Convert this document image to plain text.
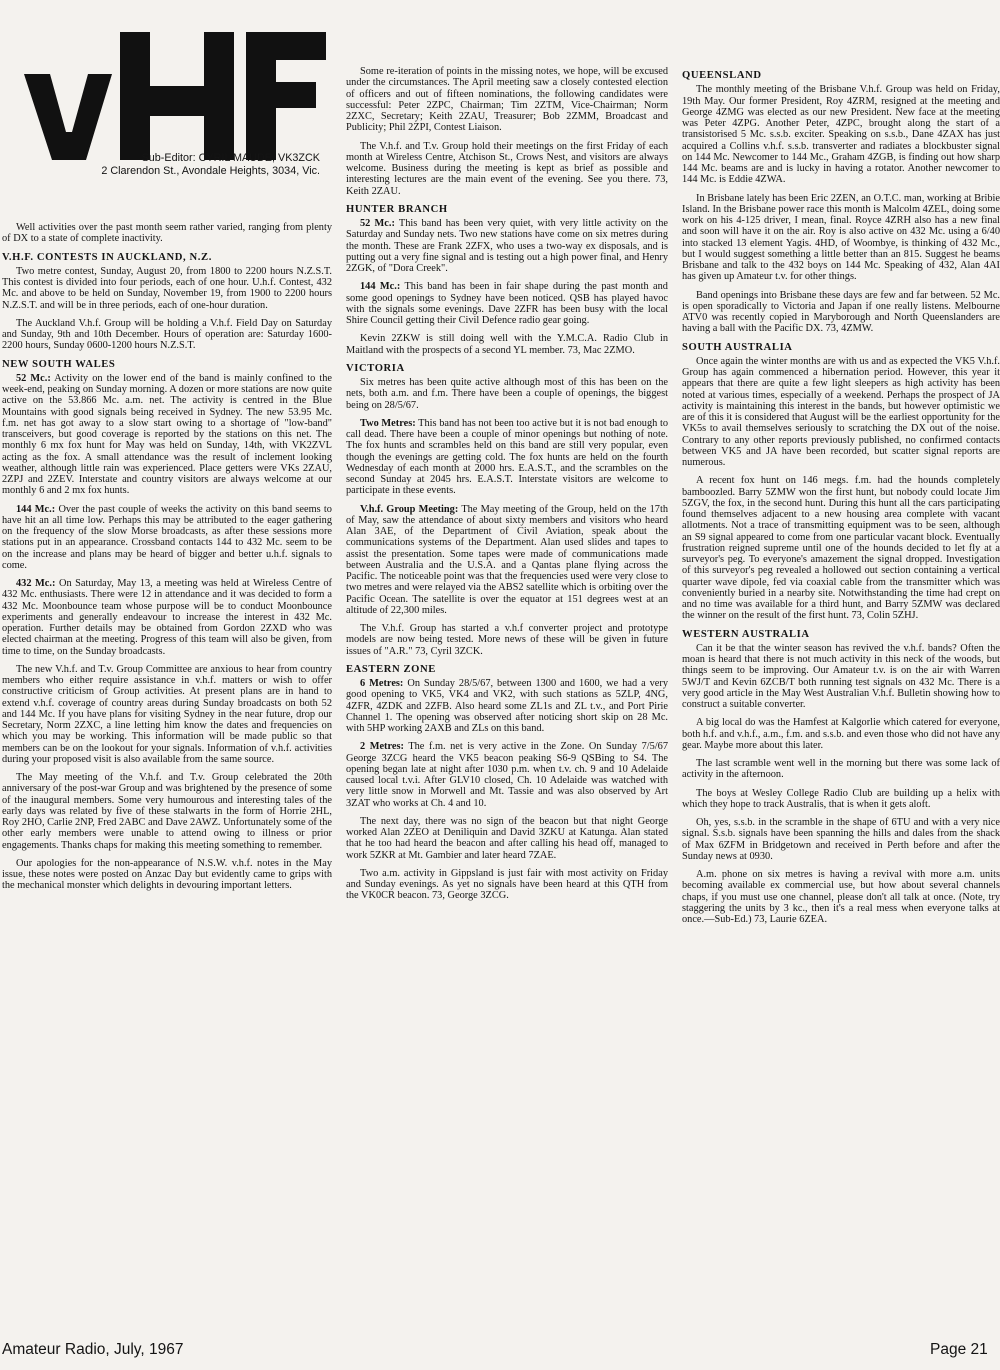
Sub-Editor: CYRIL MAUDE, VK3ZCK
2 Clarendon St., Avondale Heights, 3034, Vic.

Well activities over the past month seem rather varied, ranging from plenty of DX to a state of complete inactivity.

V.H.F. CONTESTS IN AUCKLAND, N.Z.

Two metre contest, Sunday, August 20, from 1800 to 2200 hours N.Z.S.T. This contest is divided into four periods, each of one hour. U.h.f. Contest, 432 Mc. and above to be held on Sunday, November 19, from 1900 to 2200 hours N.Z.S.T. and will be in three periods, each of one-hour duration.

The Auckland V.h.f. Group will be holding a V.h.f. Field Day on Saturday and Sunday, 9th and 10th December. Hours of operation are: Saturday 1600-2200 hours, Sunday 0600-1200 hours N.Z.S.T.

NEW SOUTH WALES

52 Mc.: Activity on the lower end of the band is mainly confined to the week-end, peaking on Sunday morning. A dozen or more stations are now quite active on the 53.866 Mc. a.m. net. The activity is centred in the Blue Mountains with good signals being received in Sydney. The new 53.95 Mc. f.m. net has got away to a slow start owing to a shortage of "low-band" transceivers, but good coverage is reported by the stations on this net. The monthly 6 mx fox hunt for May was held on Sunday, 14th, with VK2ZVL acting as the fox. A small attendance was the result of inclement looking weather, although little rain was experienced. Place getters were VKs 2ZAU, 2ZPJ and 2ZEV. Interstate and country visitors are always welcome at our monthly 6 and 2 mx fox hunts.

144 Mc.: Over the past couple of weeks the activity on this band seems to have hit an all time low. Perhaps this may be attributed to the eager gathering on the frequency of the slow Morse broadcasts, as after these sessions more stations put in an appearance. Crossband contacts 144 to 432 Mc. seem to be on the increase and plans may be heard of bigger and better u.h.f. signals to come.

432 Mc.: On Saturday, May 13, a meeting was held at Wireless Centre of 432 Mc. enthusiasts. There were 12 in attendance and it was decided to form a 432 Mc. Moonbounce team whose purpose will be to conduct Moonbounce experiments and generally endeavour to increase the interest in 432 Mc. operation. Further details may be obtained from Gordon 2ZXD who was elected chairman at the meeting. Progress of this team will also be given, from time to time, on the Sunday broadcasts.

The new V.h.f. and T.v. Group Committee are anxious to hear from country members who either require assistance in v.h.f. matters or wish to offer constructive criticism of Group activities. At present plans are in hand to extend v.h.f. coverage of country areas during Sunday broadcasts on both 52 and 144 Mc. If you have plans for visiting Sydney in the near future, drop our Secretary, Norm 2ZXC, a line letting him know the dates and frequencies on which you may be working. This information will be made public so that members can be on the lookout for your signals. Information of v.h.f. activities during your proposed visit is also available from the same source.

The May meeting of the V.h.f. and T.v. Group celebrated the 20th anniversary of the post-war Group and was brightened by the presence of some of the inaugural members. Some very humourous and interesting tales of the early days was related by five of these stalwarts in the form of Horrie 2HL, Roy 2HO, Carlie 2NP, Fred 2ABC and Dave 2AWZ. Unfortunately some of the other early members were unable to attend owing to illness or prior engagements. Thanks chaps for making this meeting something to remember.

Our apologies for the non-appearance of N.S.W. v.h.f. notes in the May issue, these notes were posted on Anzac Day but evidently came to grips with the mechanical monster which delights in devouring important letters.

Some re-iteration of points in the missing notes, we hope, will be excused under the circumstances. The April meeting saw a closely contested election of officers and out of fifteen nominations, the following candidates were successful: Peter 2ZPC, Chairman; Tim 2ZTM, Vice-Chairman; Norm 2ZXC, Secretary; Keith 2ZAU, Treasurer; Bob 2ZMM, Broadcast and Publicity; Phil 2ZPI, Contest Liaison.

The V.h.f. and T.v. Group hold their meetings on the first Friday of each month at Wireless Centre, Atchison St., Crows Nest, and visitors are always welcome. Business during the meeting is kept as brief as possible and interesting lectures are the main event of the evening. See you there. 73, Keith 2ZAU.

HUNTER BRANCH

52 Mc.: This band has been very quiet, with very little activity on the Saturday and Sunday nets. Two new stations have come on six metres during the month. These are Frank 2ZFX, who uses a two-way ex disposals, and is putting out a very fine signal and is testing out a high power final, and Henry 2ZGK, of "Dora Creek".

144 Mc.: This band has been in fair shape during the past month and some good openings to Sydney have been noticed. QSB has played havoc with the signals some evenings. Dave 2ZFR has been busy with the local Shire Council getting their Civil Defence radio gear going.

Kevin 2ZKW is still doing well with the Y.M.C.A. Radio Club in Maitland with the prospects of a second YL member. 73, Mac 2ZMO.

VICTORIA

Six metres has been quite active although most of this has been on the nets, both a.m. and f.m. There have been a couple of openings, the biggest being on 28/5/67.

Two Metres: This band has not been too active but it is not bad enough to call dead. There have been a couple of minor openings but nothing of note. The fox hunts and scrambles held on this band are still very popular, even though the evenings are getting cold. The fox hunts are held on the fourth Wednesday of each month at 2000 hrs. E.A.S.T., and the scrambles on the second Sunday at 2045 hrs. E.A.S.T. Interstate visitors are welcome to participate in these events.

V.h.f. Group Meeting: The May meeting of the Group, held on the 17th of May, saw the attendance of about sixty members and visitors who heard Alan 3AE, of the Department of Civil Aviation, speak about the communications systems of the Department. Alan used slides and tapes to assist the presentation. Some tapes were made of communications made between Australia and the U.S.A. and a Qantas plane flying across the Pacific. The noticeable point was that the frequencies used were very close to two metres and were relayed via the ABS2 satellite which is orbiting over the Pacific Ocean. The satellite is over the equator at 151 degrees west at an altitude of 22,300 miles.

The V.h.f. Group has started a v.h.f converter project and prototype models are now being tested. More news of these will be given in future issues of "A.R." 73, Cyril 3ZCK.

EASTERN ZONE

6 Metres: On Sunday 28/5/67, between 1300 and 1600, we had a very good opening to VK5, VK4 and VK2, with such stations as 5ZLP, 4NG, 4ZFR, 4ZDK and 2ZFB. Also heard some ZL1s and ZL t.v., and Port Pirie Channel 1. The opening was observed after noticing short skip on 28 Mc. with 5HP working 2AXB and ZLs on this band.

2 Metres: The f.m. net is very active in the Zone. On Sunday 7/5/67 George 3ZCG heard the VK5 beacon peaking S6-9 QSBing to S4. The opening began late at night after 1030 p.m. when t.v. ch. 9 and 10 Adelaide caused local t.v.i. After GLV10 closed, Ch. 10 Adelaide was watched with very little snow in Morwell and Mt. Tassie and was also observed by Art 3ZAT who works at Ch. 4 and 10.

The next day, there was no sign of the beacon but that night George worked Alan 2ZEO at Deniliquin and David 3ZKU at Katunga. Alan stated that he too had heard the beacon and after calling his head off, managed to work 5ZKR at Mt. Gambier and later heard 7ZAE.

Two a.m. activity in Gippsland is just fair with most activity on Friday and Sunday evenings. As yet no signals have been heard at this QTH from the VK0CR beacon. 73, George 3ZCG.

QUEENSLAND

The monthly meeting of the Brisbane V.h.f. Group was held on Friday, 19th May. Our former President, Roy 4ZRM, resigned at the meeting and George 4ZMG was elected as our new President. New face at the meeting was Peter 4ZPG. Another Peter, 4ZPC, brought along the start of a transistorised 5 Mc. s.s.b. exciter. Speaking on s.s.b., Dane 4ZAX has just acquired a Collins v.h.f. s.s.b. transverter and radiates a blockbuster signal on 144 Mc. Newcomer to 144 Mc., Graham 4ZGB, is finding out how sharp 144 Mc. beams are and is lucky in having a rotator. Another newcomer to 144 Mc. is Eddie 4ZWA.

In Brisbane lately has been Eric 2ZEN, an O.T.C. man, working at Bribie Island. In the Brisbane power race this month is Malcolm 4ZEL, doing some work on his 4-125 driver, I mean, final. Royce 4ZRH also has a new final and soon will have it on the air. Roy is also active on 432 Mc. using a 6/40 into stacked 13 element Yagis. 4HD, of Woombye, is thinking of 432 Mc., but I would suggest something a little better than an 815. Suggest he beams Brisbane and talk to the 432 boys on 144 Mc. Speaking of 432, Alan 4AI has given up Amateur t.v. for other things.

Band openings into Brisbane these days are few and far between. 52 Mc. is open sporadically to Victoria and Japan if one really listens. Melbourne ATV0 was recently copied in Maryborough and North Queenslanders are having a ball with the Pacific DX. 73, 4ZMW.

SOUTH AUSTRALIA

Once again the winter months are with us and as expected the VK5 V.h.f. Group has again commenced a hibernation period. However, this year it appears that there are quite a few light sleepers as high activity has been noted at various times, especially of a weekend. Perhaps the prospect of JA activity is maintaining this interest in the bands, but however optimistic we are of this it is considered that August will be the earliest opportunity for the VK5s to avail themselves seriously to scratching the DX out of the noise. Contrary to any other reports previously published, no confirmed contacts between VK5 and JA have been recorded, but scatter signal reports are numerous.

A recent fox hunt on 146 megs. f.m. had the hounds completely bamboozled. Barry 5ZMW won the first hunt, but nobody could locate Jim 5ZGV, the fox, in the second hunt. During this hunt all the cars participating found themselves adjacent to a new housing area complete with vacant allotments. Not a trace of transmitting equipment was to be seen, although an S9 signal appeared to come from one particular vacant block. Eventually frustration reigned supreme until one of the hounds decided to let fly at a surveyor's peg. To everyone's amazement the signal dropped. Investigation of this surveyor's peg revealed a hollowed out section containing a vertical quarter wave dipole, fed via coaxial cable from the transmitter which was conveniently buried in a nearby site. Notwithstanding the time had crept on and no time was available for a third hunt, and Barry 5ZMW was declared the winner on the result of the first hunt. 73, Colin 5ZHJ.

WESTERN AUSTRALIA

Can it be that the winter season has revived the v.h.f. bands? Often the moan is heard that there is not much activity in this neck of the woods, but things seem to be improving. Our Amateur t.v. is on the air with Warren 5WJ/T and Kevin 6ZCB/T both running test signals on 432 Mc. There is a very good article in the May West Australian V.h.f. Bulletin showing how to construct a suitable converter.

A big local do was the Hamfest at Kalgorlie which catered for everyone, both h.f. and v.h.f., a.m., f.m. and s.s.b. and even those who did not have any gear. Maybe more about this later.

The last scramble went well in the morning but there was some lack of activity in the afternoon.

The boys at Wesley College Radio Club are building up a helix with which they hope to track Australis, that is when it gets aloft.

Oh, yes, s.s.b. in the scramble in the shape of 6TU and with a very nice signal. S.s.b. signals have been spanning the hills and dales from the shack of Max 6ZFM in Bridgetown and received in Perth before and after the Sunday news at 0930.

A.m. phone on six metres is having a revival with more a.m. units becoming available ex commercial use, but how about several channels chaps, if you must use one channel, please don't all talk at once. (Note, try staggering the units by 3 kc., then it's a real mess when everyone talks at once.—Sub-Ed.) 73, Laurie 6ZEA.

Amateur Radio, July, 1967	Page 21
